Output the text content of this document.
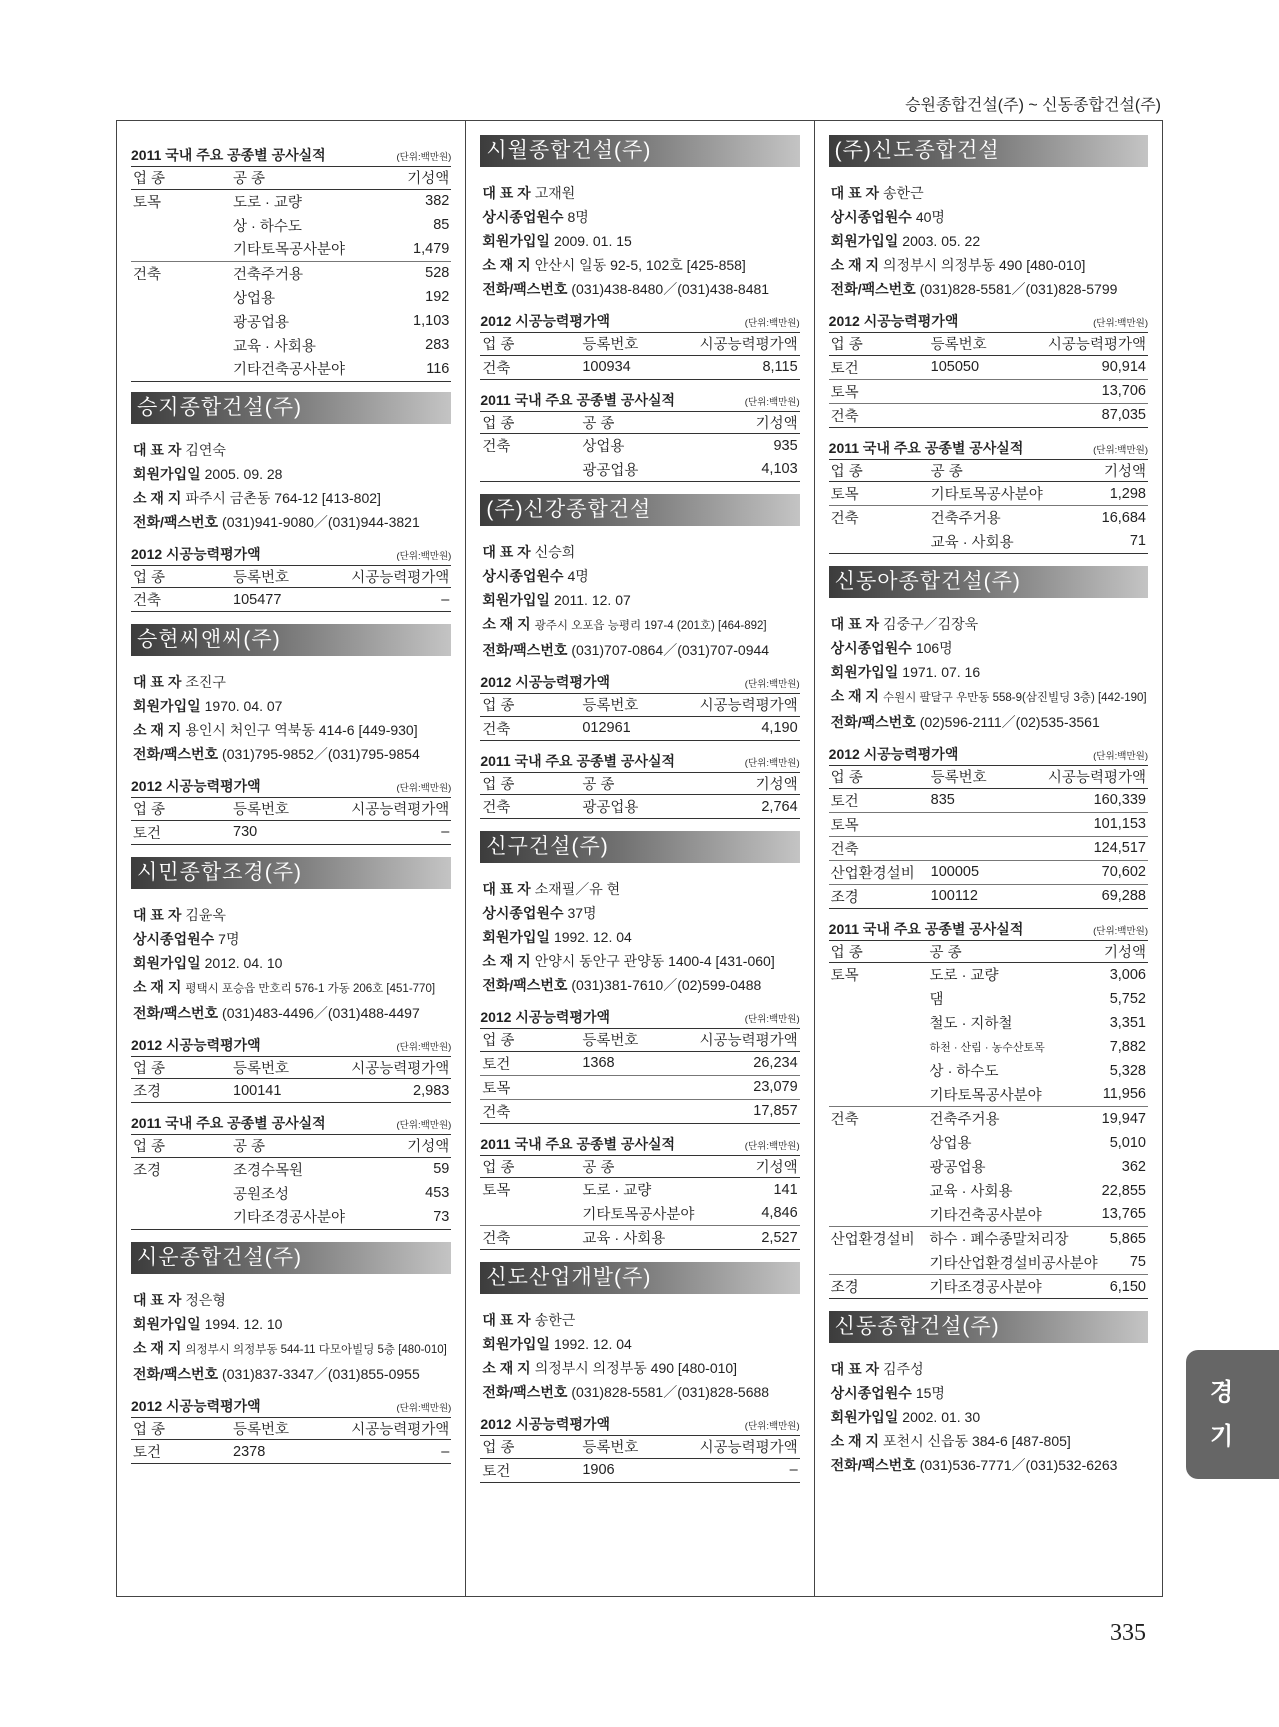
승원종합건설(주) ~ 신동종합건설(주)
2011 국내 주요 공종별 공사실적	(단위:백만원)
업 종	공 종	기성액
토목	도로 · 교량	382
	상 · 하수도	85
	기타토목공사분야	1,479
건축	건축주거용	528
	상업용	192
	광공업용	1,103
	교육 · 사회용	283
	기타건축공사분야	116
승지종합건설(주)
대 표 자 김연숙
회원가입일 2005. 09. 28
소 재 지 파주시 금촌동 764-12 [413-802]
전화/팩스번호 (031)941-9080／(031)944-3821
2012 시공능력평가액	(단위:백만원)
업 종	등록번호	시공능력평가액
건축	105477	–
승현씨앤씨(주)
대 표 자 조진구
회원가입일 1970. 04. 07
소 재 지 용인시 처인구 역북동 414-6 [449-930]
전화/팩스번호 (031)795-9852／(031)795-9854
2012 시공능력평가액	(단위:백만원)
업 종	등록번호	시공능력평가액
토건	730	–
시민종합조경(주)
대 표 자 김윤옥
상시종업원수 7명
회원가입일 2012. 04. 10
소 재 지 평택시 포승읍 만호리 576-1 가동 206호 [451-770]
전화/팩스번호 (031)483-4496／(031)488-4497
2012 시공능력평가액	(단위:백만원)
업 종	등록번호	시공능력평가액
조경	100141	2,983
2011 국내 주요 공종별 공사실적	(단위:백만원)
업 종	공 종	기성액
조경	조경수목원	59
	공원조성	453
	기타조경공사분야	73
시운종합건설(주)
대 표 자 정은형
회원가입일 1994. 12. 10
소 재 지 의정부시 의정부동 544-11 다모아빌딩 5층 [480-010]
전화/팩스번호 (031)837-3347／(031)855-0955
2012 시공능력평가액	(단위:백만원)
업 종	등록번호	시공능력평가액
토건	2378	–
시월종합건설(주)
대 표 자 고재원
상시종업원수 8명
회원가입일 2009. 01. 15
소 재 지 안산시 일동 92-5, 102호 [425-858]
전화/팩스번호 (031)438-8480／(031)438-8481
2012 시공능력평가액	(단위:백만원)
업 종	등록번호	시공능력평가액
건축	100934	8,115
2011 국내 주요 공종별 공사실적	(단위:백만원)
업 종	공 종	기성액
건축	상업용	935
	광공업용	4,103
(주)신강종합건설
대 표 자 신승희
상시종업원수 4명
회원가입일 2011. 12. 07
소 재 지 광주시 오포읍 능평리 197-4 (201호) [464-892]
전화/팩스번호 (031)707-0864／(031)707-0944
2012 시공능력평가액	(단위:백만원)
업 종	등록번호	시공능력평가액
건축	012961	4,190
2011 국내 주요 공종별 공사실적	(단위:백만원)
업 종	공 종	기성액
건축	광공업용	2,764
신구건설(주)
대 표 자 소재필／유 현
상시종업원수 37명
회원가입일 1992. 12. 04
소 재 지 안양시 동안구 관양동 1400-4 [431-060]
전화/팩스번호 (031)381-7610／(02)599-0488
2012 시공능력평가액	(단위:백만원)
업 종	등록번호	시공능력평가액
토건	1368	26,234
토목		23,079
건축		17,857
2011 국내 주요 공종별 공사실적	(단위:백만원)
업 종	공 종	기성액
토목	도로 · 교량	141
	기타토목공사분야	4,846
건축	교육 · 사회용	2,527
신도산업개발(주)
대 표 자 송한근
회원가입일 1992. 12. 04
소 재 지 의정부시 의정부동 490 [480-010]
전화/팩스번호 (031)828-5581／(031)828-5688
2012 시공능력평가액	(단위:백만원)
업 종	등록번호	시공능력평가액
토건	1906	–
(주)신도종합건설
대 표 자 송한근
상시종업원수 40명
회원가입일 2003. 05. 22
소 재 지 의정부시 의정부동 490 [480-010]
전화/팩스번호 (031)828-5581／(031)828-5799
2012 시공능력평가액	(단위:백만원)
업 종	등록번호	시공능력평가액
토건	105050	90,914
토목		13,706
건축		87,035
2011 국내 주요 공종별 공사실적	(단위:백만원)
업 종	공 종	기성액
토목	기타토목공사분야	1,298
건축	건축주거용	16,684
	교육 · 사회용	71
신동아종합건설(주)
대 표 자 김중구／김장욱
상시종업원수 106명
회원가입일 1971. 07. 16
소 재 지 수원시 팔달구 우만동 558-9(삼진빌딩 3층) [442-190]
전화/팩스번호 (02)596-2111／(02)535-3561
2012 시공능력평가액	(단위:백만원)
업 종	등록번호	시공능력평가액
토건	835	160,339
토목		101,153
건축		124,517
산업환경설비	100005	70,602
조경	100112	69,288
2011 국내 주요 공종별 공사실적	(단위:백만원)
업 종	공 종	기성액
토목	도로 · 교량	3,006
	댐	5,752
	철도 · 지하철	3,351
	하천 · 산림 · 농수산토목	7,882
	상 · 하수도	5,328
	기타토목공사분야	11,956
건축	건축주거용	19,947
	상업용	5,010
	광공업용	362
	교육 · 사회용	22,855
	기타건축공사분야	13,765
산업환경설비	하수 · 폐수종말처리장	5,865
	기타산업환경설비공사분야	75
조경	기타조경공사분야	6,150
신동종합건설(주)
대 표 자 김주성
상시종업원수 15명
회원가입일 2002. 01. 30
소 재 지 포천시 신읍동 384-6 [487-805]
전화/팩스번호 (031)536-7771／(031)532-6263
경
기
335
